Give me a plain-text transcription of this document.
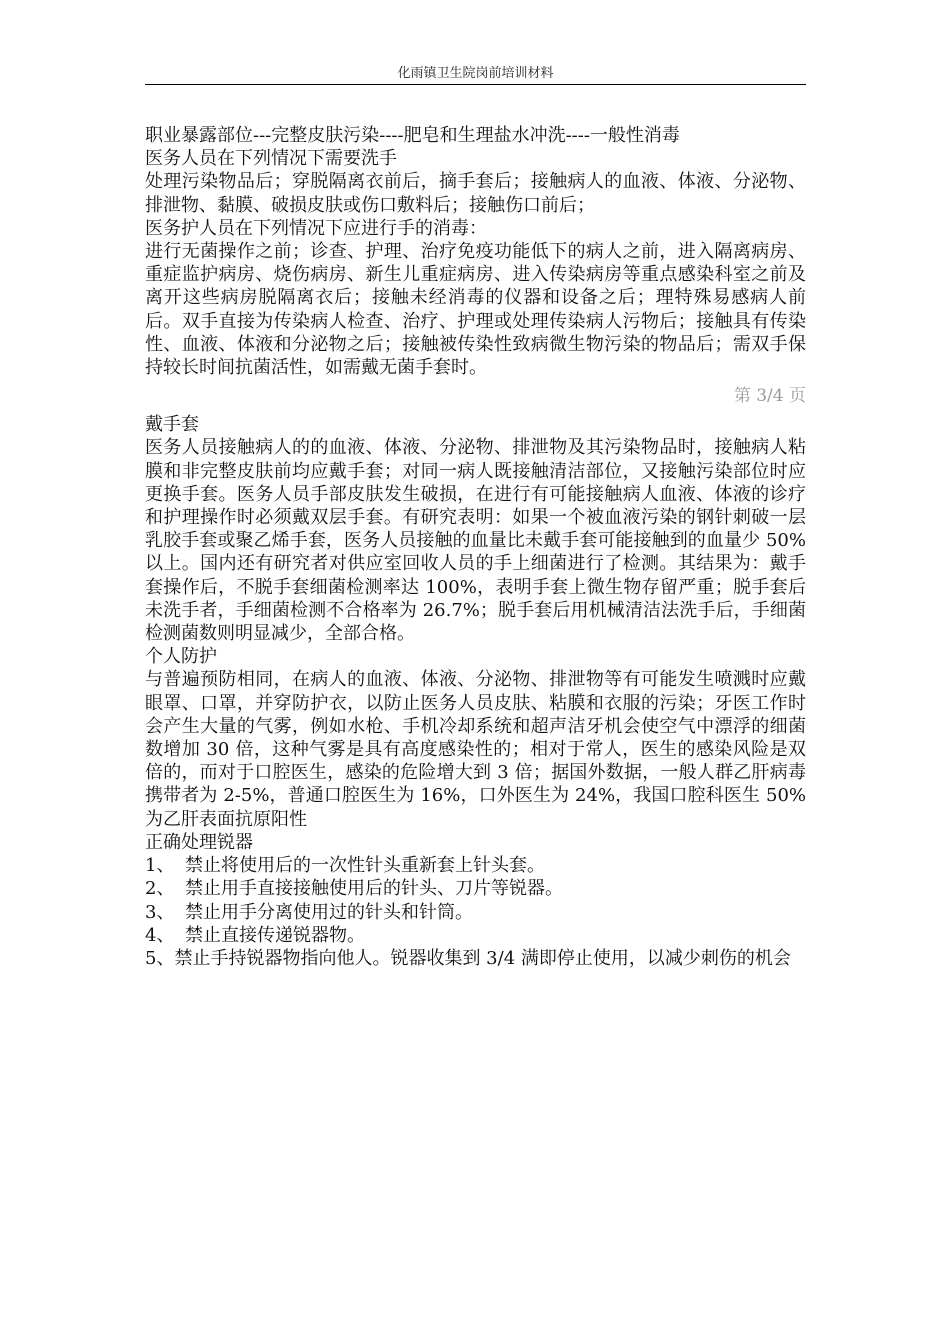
化雨镇卫生院岗前培训材料

职业暴露部位---完整皮肤污染----肥皂和生理盐水冲洗----一般性消毒

医务人员在下列情况下需要洗手

处理污染物品后；穿脱隔离衣前后，摘手套后；接触病人的血液、体液、分泌物、排泄物、黏膜、破损皮肤或伤口敷料后；接触伤口前后；

医务护人员在下列情况下应进行手的消毒：

进行无菌操作之前；诊查、护理、治疗免疫功能低下的病人之前，进入隔离病房、重症监护病房、烧伤病房、新生儿重症病房、进入传染病房等重点感染科室之前及离开这些病房脱隔离衣后；接触未经消毒的仪器和设备之后；理特殊易感病人前后。双手直接为传染病人检查、治疗、护理或处理传染病人污物后；接触具有传染性、血液、体液和分泌物之后；接触被传染性致病微生物污染的物品后；需双手保持较长时间抗菌活性，如需戴无菌手套时。

第 3/4 页

戴手套

医务人员接触病人的的血液、体液、分泌物、排泄物及其污染物品时，接触病人粘膜和非完整皮肤前均应戴手套；对同一病人既接触清洁部位，又接触污染部位时应更换手套。医务人员手部皮肤发生破损，在进行有可能接触病人血液、体液的诊疗和护理操作时必须戴双层手套。有研究表明：如果一个被血液污染的钢针刺破一层乳胶手套或聚乙烯手套，医务人员接触的血量比未戴手套可能接触到的血量少 50%以上。国内还有研究者对供应室回收人员的手上细菌进行了检测。其结果为：戴手套操作后，不脱手套细菌检测率达 100%，表明手套上微生物存留严重；脱手套后未洗手者，手细菌检测不合格率为 26.7%；脱手套后用机械清洁法洗手后，手细菌检测菌数则明显减少，全部合格。

个人防护

与普遍预防相同，在病人的血液、体液、分泌物、排泄物等有可能发生喷溅时应戴眼罩、口罩，并穿防护衣，以防止医务人员皮肤、粘膜和衣服的污染；牙医工作时会产生大量的气雾，例如水枪、手机冷却系统和超声洁牙机会使空气中漂浮的细菌数增加 30 倍，这种气雾是具有高度感染性的；相对于常人，医生的感染风险是双倍的，而对于口腔医生，感染的危险增大到 3 倍；据国外数据，一般人群乙肝病毒携带者为 2-5%，普通口腔医生为 16%，口外医生为 24%，我国口腔科医生 50%为乙肝表面抗原阳性

正确处理锐器

1、 禁止将使用后的一次性针头重新套上针头套。

2、 禁止用手直接接触使用后的针头、刀片等锐器。

3、 禁止用手分离使用过的针头和针筒。

4、 禁止直接传递锐器物。

5、禁止手持锐器物指向他人。锐器收集到 3/4 满即停止使用，以减少刺伤的机会
